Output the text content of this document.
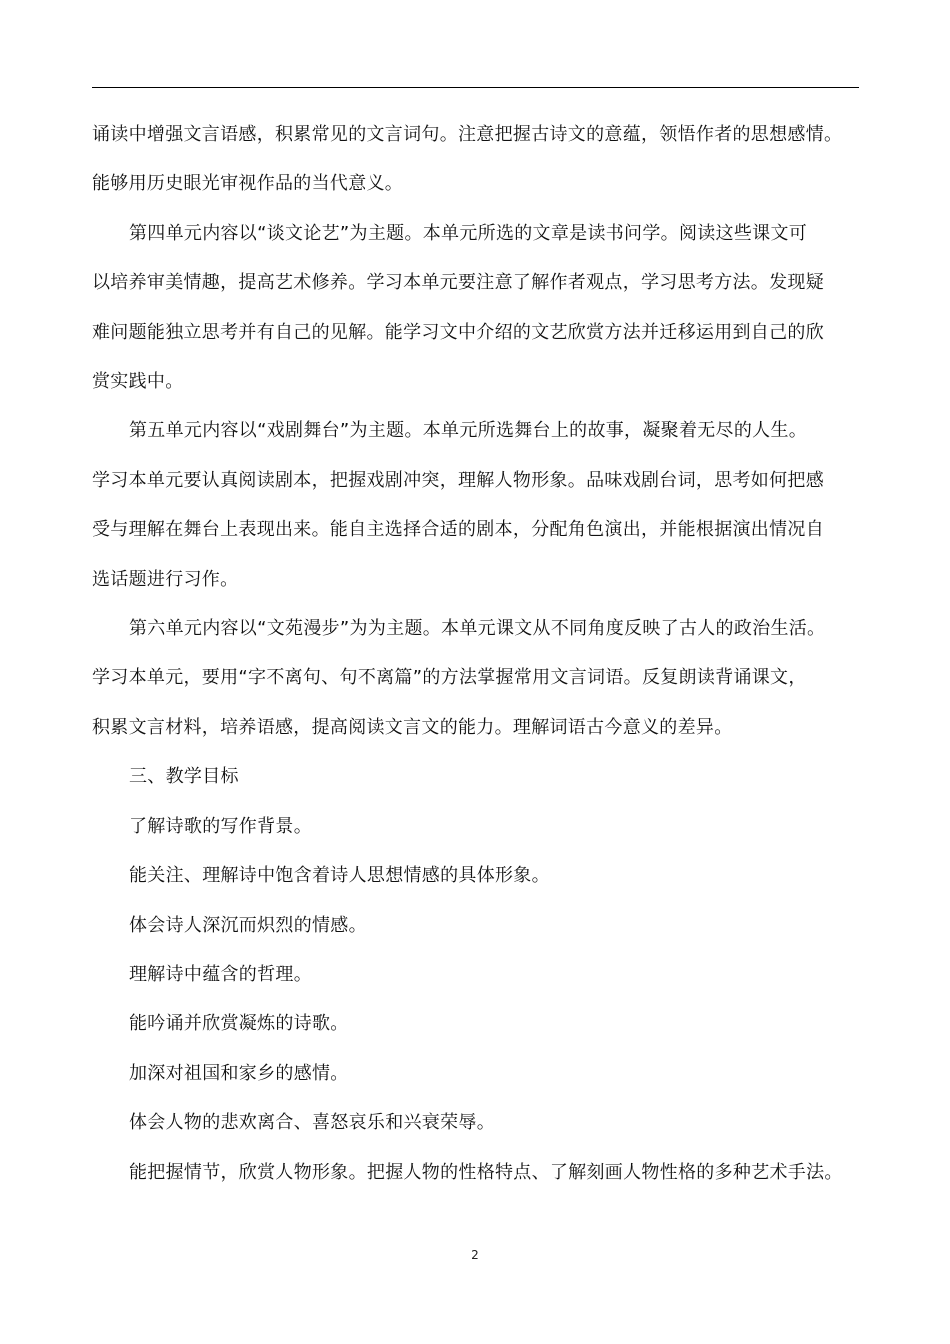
诵读中增强文言语感，积累常见的文言词句。注意把握古诗文的意蕴，领悟作者的思想感情。
能够用历史眼光审视作品的当代意义。

第四单元内容以“谈文论艺”为主题。本单元所选的文章是读书问学。阅读这些课文可
以培养审美情趣，提高艺术修养。学习本单元要注意了解作者观点，学习思考方法。发现疑
难问题能独立思考并有自己的见解。能学习文中介绍的文艺欣赏方法并迁移运用到自己的欣
赏实践中。

第五单元内容以“戏剧舞台”为主题。本单元所选舞台上的故事，凝聚着无尽的人生。
学习本单元要认真阅读剧本，把握戏剧冲突，理解人物形象。品味戏剧台词，思考如何把感
受与理解在舞台上表现出来。能自主选择合适的剧本，分配角色演出，并能根据演出情况自
选话题进行习作。

第六单元内容以“文苑漫步”为为主题。本单元课文从不同角度反映了古人的政治生活。
学习本单元，要用“字不离句、句不离篇”的方法掌握常用文言词语。反复朗读背诵课文，
积累文言材料，培养语感，提高阅读文言文的能力。理解词语古今意义的差异。

三、教学目标

了解诗歌的写作背景。

能关注、理解诗中饱含着诗人思想情感的具体形象。

体会诗人深沉而炽烈的情感。

理解诗中蕴含的哲理。

能吟诵并欣赏凝炼的诗歌。

加深对祖国和家乡的感情。

体会人物的悲欢离合、喜怒哀乐和兴衰荣辱。

能把握情节，欣赏人物形象。把握人物的性格特点、了解刻画人物性格的多种艺术手法。

2
